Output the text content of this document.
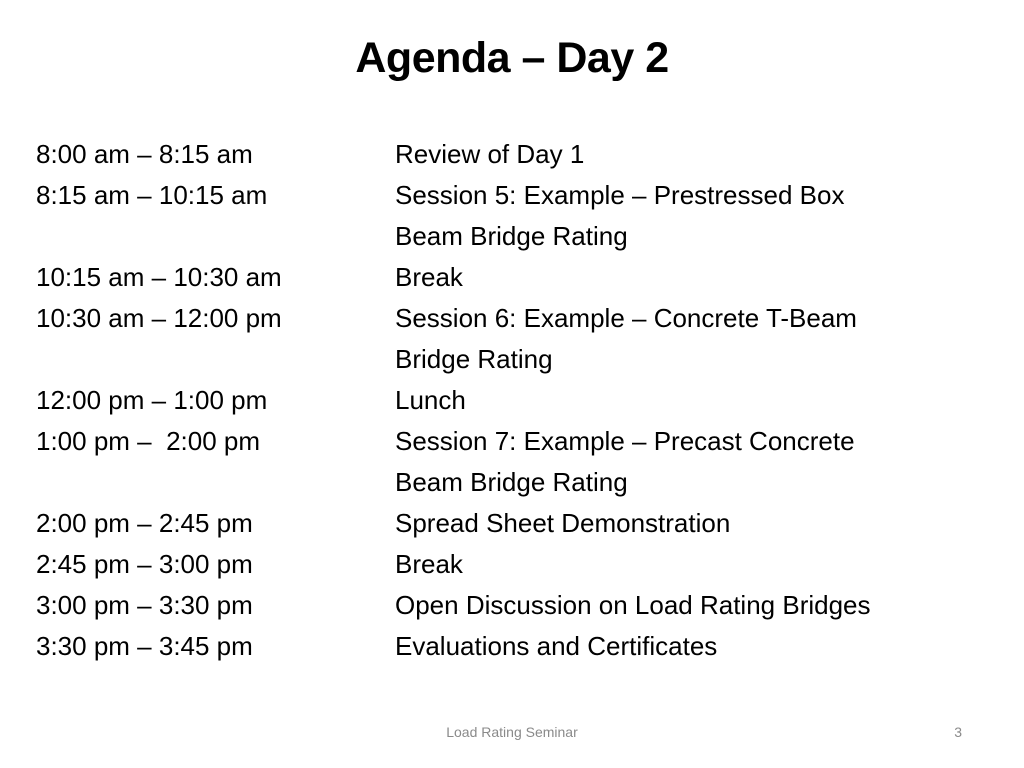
Agenda – Day 2
8:00 am – 8:15 am	Review of Day 1
8:15 am – 10:15 am	Session 5: Example – Prestressed Box
Beam Bridge Rating
10:15 am – 10:30 am	Break
10:30 am – 12:00 pm	Session 6: Example – Concrete T-Beam
Bridge Rating
12:00 pm – 1:00 pm	Lunch
1:00 pm –  2:00 pm	Session 7: Example – Precast Concrete
Beam Bridge Rating
2:00 pm – 2:45 pm	Spread Sheet Demonstration
2:45 pm – 3:00 pm	Break
3:00 pm – 3:30 pm	Open Discussion on Load Rating Bridges
3:30 pm – 3:45 pm	Evaluations and Certificates
Load Rating Seminar	3
